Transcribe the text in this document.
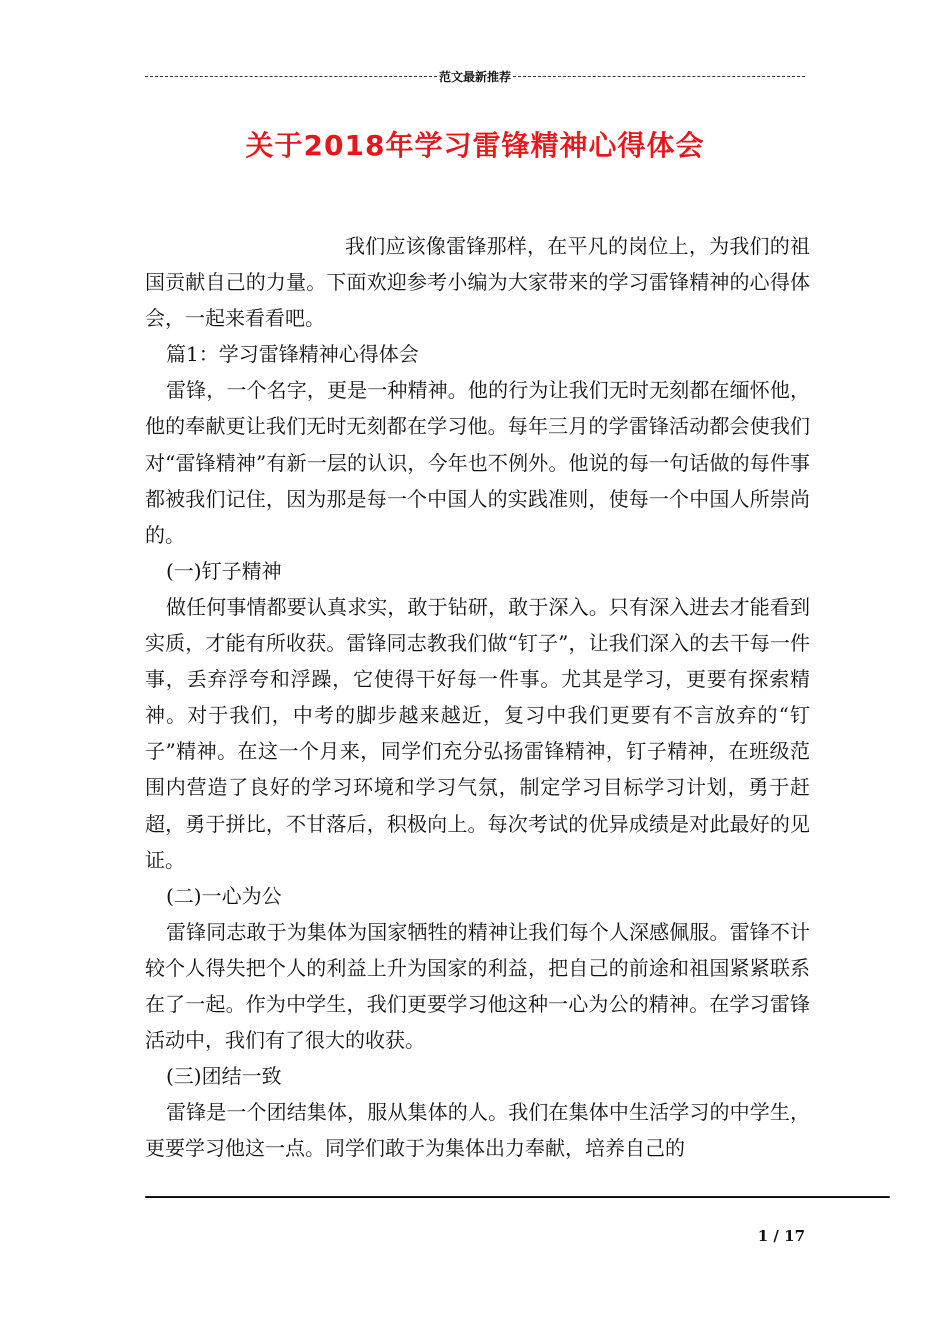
范文最新推荐
关于2018年学习雷锋精神心得体会

我们应该像雷锋那样，在平凡的岗位上，为我们的祖国贡献自己的力量。下面欢迎参考小编为大家带来的学习雷锋精神的心得体会，一起来看看吧。

篇1：学习雷锋精神心得体会

雷锋，一个名字，更是一种精神。他的行为让我们无时无刻都在缅怀他，他的奉献更让我们无时无刻都在学习他。每年三月的学雷锋活动都会使我们对“雷锋精神”有新一层的认识，今年也不例外。他说的每一句话做的每件事都被我们记住，因为那是每一个中国人的实践准则，使每一个中国人所崇尚的。

(一)钉子精神

做任何事情都要认真求实，敢于钻研，敢于深入。只有深入进去才能看到实质，才能有所收获。雷锋同志教我们做“钉子”，让我们深入的去干每一件事，丢弃浮夸和浮躁，它使得干好每一件事。尤其是学习，更要有探索精神。对于我们，中考的脚步越来越近，复习中我们更要有不言放弃的“钉子”精神。在这一个月来，同学们充分弘扬雷锋精神，钉子精神，在班级范围内营造了良好的学习环境和学习气氛，制定学习目标学习计划，勇于赶超，勇于拼比，不甘落后，积极向上。每次考试的优异成绩是对此最好的见证。

(二)一心为公

雷锋同志敢于为集体为国家牺牲的精神让我们每个人深感佩服。雷锋不计较个人得失把个人的利益上升为国家的利益，把自己的前途和祖国紧紧联系在了一起。作为中学生，我们更要学习他这种一心为公的精神。在学习雷锋活动中，我们有了很大的收获。

(三)团结一致

雷锋是一个团结集体，服从集体的人。我们在集体中生活学习的中学生，更要学习他这一点。同学们敢于为集体出力奉献，培养自己的

1 / 17
